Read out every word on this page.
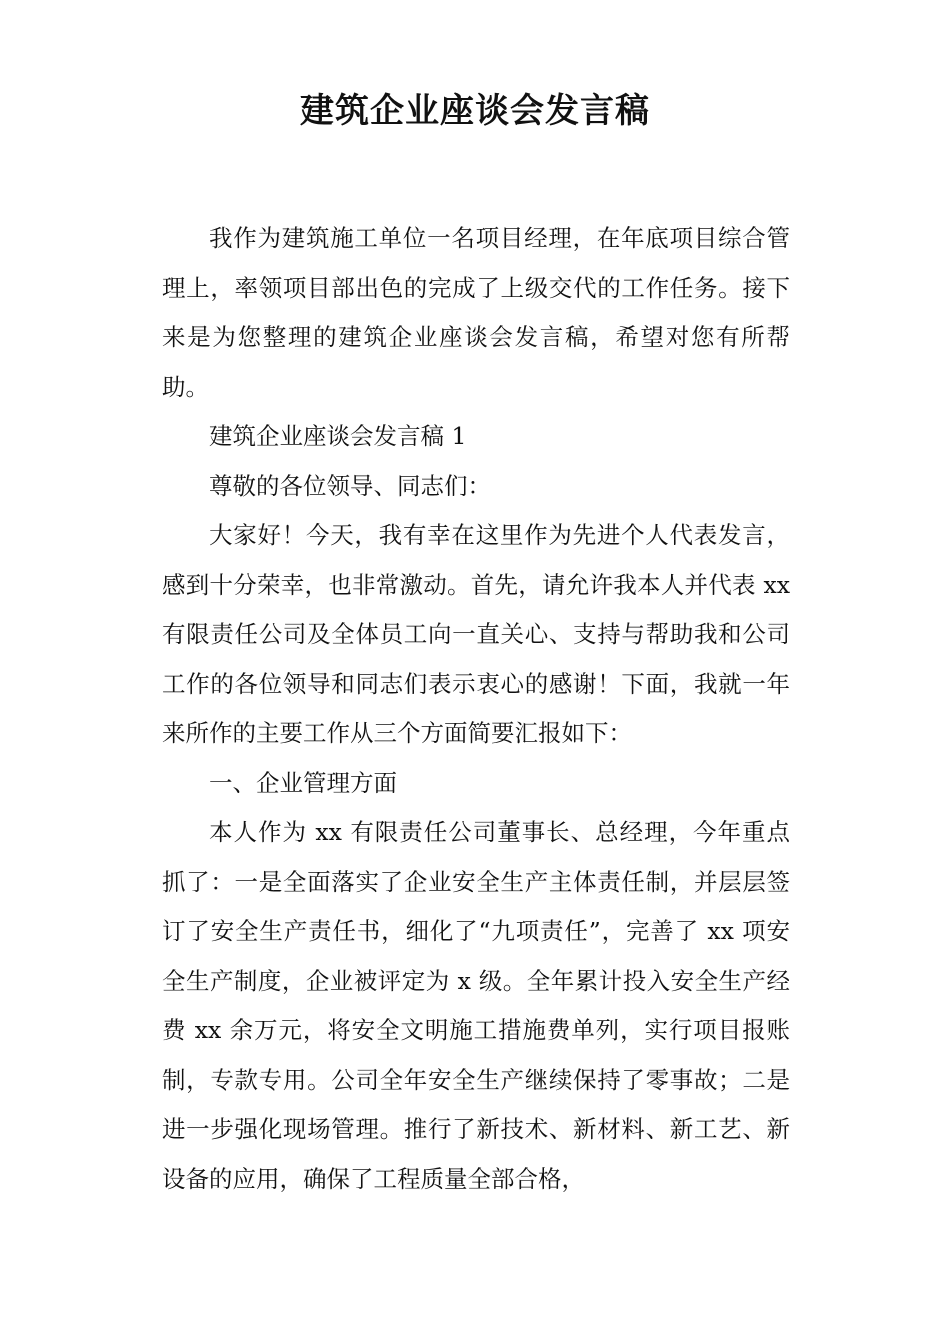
建筑企业座谈会发言稿

我作为建筑施工单位一名项目经理，在年底项目综合管理上，率领项目部出色的完成了上级交代的工作任务。接下来是为您整理的建筑企业座谈会发言稿，希望对您有所帮助。

建筑企业座谈会发言稿 1

尊敬的各位领导、同志们：

大家好！今天，我有幸在这里作为先进个人代表发言，感到十分荣幸，也非常激动。首先，请允许我本人并代表 xx 有限责任公司及全体员工向一直关心、支持与帮助我和公司工作的各位领导和同志们表示衷心的感谢！下面，我就一年来所作的主要工作从三个方面简要汇报如下：

一、企业管理方面

本人作为 xx 有限责任公司董事长、总经理，今年重点抓了：一是全面落实了企业安全生产主体责任制，并层层签订了安全生产责任书，细化了“九项责任”，完善了 xx 项安全生产制度，企业被评定为 x 级。全年累计投入安全生产经费 xx 余万元，将安全文明施工措施费单列，实行项目报账制，专款专用。公司全年安全生产继续保持了零事故；二是进一步强化现场管理。推行了新技术、新材料、新工艺、新设备的应用，确保了工程质量全部合格，
